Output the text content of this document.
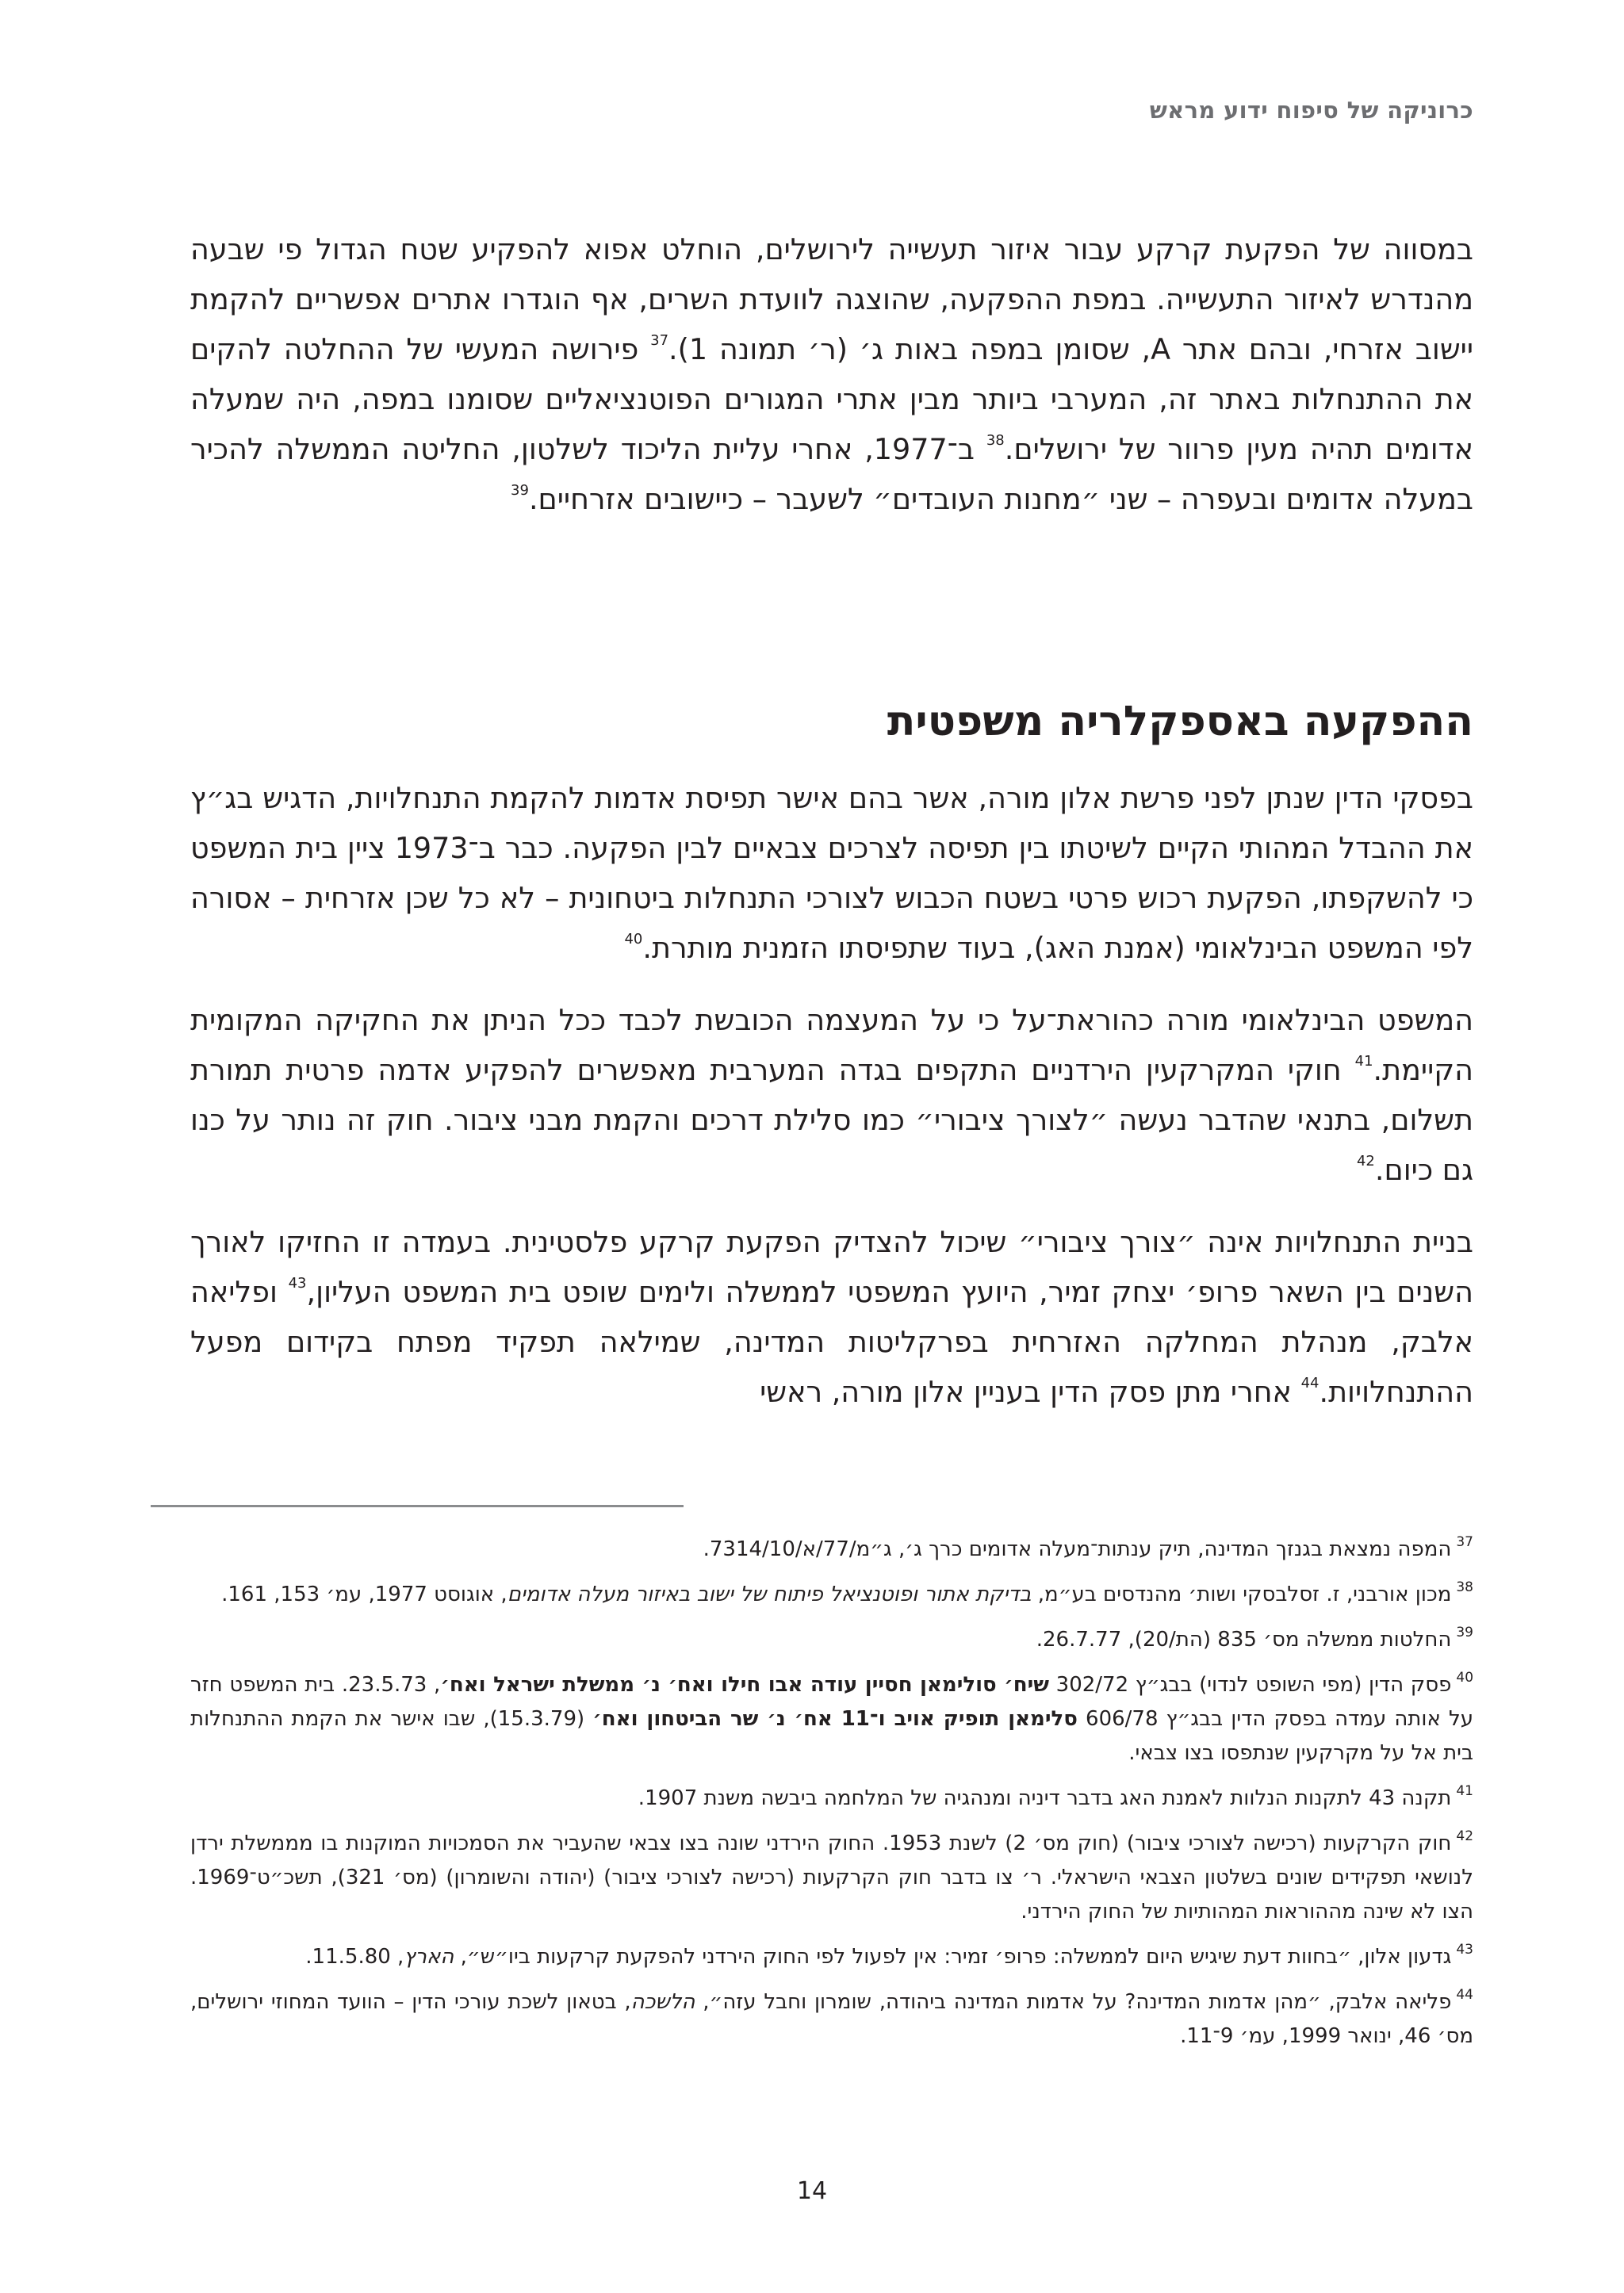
כרוניקה של סיפוח ידוע מראש

במסווה של הפקעת קרקע עבור איזור תעשייה לירושלים, הוחלט אפוא להפקיע שטח הגדול פי שבעה מהנדרש לאיזור התעשייה. במפת ההפקעה, שהוצגה לוועדת השרים, אף הוגדרו אתרים אפשריים להקמת יישוב אזרחי, ובהם אתר A, שסומן במפה באות ג׳ (ר׳ תמונה 1).$^{37}$ פירושה המעשי של ההחלטה להקים את ההתנחלות באתר זה, המערבי ביותר מבין אתרי המגורים הפוטנציאליים שסומנו במפה, היה שמעלה אדומים תהיה מעין פרוור של ירושלים.$^{38}$ ב־1977, אחרי עליית הליכוד לשלטון, החליטה הממשלה להכיר במעלה אדומים ובעפרה – שני ״מחנות העובדים״ לשעבר – כיישובים אזרחיים.$^{39}$

ההפקעה באספקלריה משפטית

בפסקי הדין שנתן לפני פרשת אלון מורה, אשר בהם אישר תפיסת אדמות להקמת התנחלויות, הדגיש בג״ץ את ההבדל המהותי הקיים לשיטתו בין תפיסה לצרכים צבאיים לבין הפקעה. כבר ב־1973 ציין בית המשפט כי להשקפתו, הפקעת רכוש פרטי בשטח הכבוש לצורכי התנחלות ביטחונית – לא כל שכן אזרחית – אסורה לפי המשפט הבינלאומי (אמנת האג), בעוד שתפיסתו הזמנית מותרת.$^{40}$

המשפט הבינלאומי מורה כהוראת־על כי על המעצמה הכובשת לכבד ככל הניתן את החקיקה המקומית הקיימת.$^{41}$ חוקי המקרקעין הירדניים התקפים בגדה המערבית מאפשרים להפקיע אדמה פרטית תמורת תשלום, בתנאי שהדבר נעשה ״לצורך ציבורי״ כמו סלילת דרכים והקמת מבני ציבור. חוק זה נותר על כנו גם כיום.$^{42}$

בניית התנחלויות אינה ״צורך ציבורי״ שיכול להצדיק הפקעת קרקע פלסטינית. בעמדה זו החזיקו לאורך השנים בין השאר פרופ׳ יצחק זמיר, היועץ המשפטי לממשלה ולימים שופט בית המשפט העליון,$^{43}$ ופליאה אלבק, מנהלת המחלקה האזרחית בפרקליטות המדינה, שמילאה תפקיד מפתח בקידום מפעל ההתנחלויות.$^{44}$ אחרי מתן פסק הדין בעניין אלון מורה, ראשי

$^{37}$המפה נמצאת בגנזך המדינה, תיק ענתות־מעלה אדומים כרך ג׳, ג״מ/77/א/7314/10.

$^{38}$מכון אורבני, ז. זסלבסקי ושות׳ מהנדסים בע״מ, בדיקת אתור ופוטנציאל פיתוח של ישוב באיזור מעלה אדומים, אוגוסט 1977, עמ׳ 153, 161.

$^{39}$החלטות ממשלה מס׳ 835 (הת/20), 26.7.77.

$^{40}$פסק הדין (מפי השופט לנדוי) בבג״ץ 302/72 שיח׳ סולימאן חסיין עודה אבו חילו ואח׳ נ׳ ממשלת ישראל ואח׳, 23.5.73. בית המשפט חזר על אותה עמדה בפסק הדין בבג״ץ 606/78 סלימאן תופיק אויב ו־11 אח׳ נ׳ שר הביטחון ואח׳ (15.3.79), שבו אישר את הקמת ההתנחלות בית אל על מקרקעין שנתפסו בצו צבאי.

$^{41}$תקנה 43 לתקנות הנלוות לאמנת האג בדבר דיניה ומנהגיה של המלחמה ביבשה משנת 1907.

$^{42}$חוק הקרקעות (רכישה לצורכי ציבור) (חוק מס׳ 2) לשנת 1953. החוק הירדני שונה בצו צבאי שהעביר את הסמכויות המוקנות בו מממשלת ירדן לנושאי תפקידים שונים בשלטון הצבאי הישראלי. ר׳ צו בדבר חוק הקרקעות (רכישה לצורכי ציבור) (יהודה והשומרון) (מס׳ 321), תשכ״ט־1969. הצו לא שינה מההוראות המהותיות של החוק הירדני.

$^{43}$גדעון אלון, ״בחוות דעת שיגיש היום לממשלה: פרופ׳ זמיר: אין לפעול לפי החוק הירדני להפקעת קרקעות ביו״ש״, הארץ, 11.5.80.

$^{44}$פליאה אלבק, ״מהן אדמות המדינה? על אדמות המדינה ביהודה, שומרון וחבל עזה״, הלשכה, בטאון לשכת עורכי הדין – הוועד המחוזי ירושלים, מס׳ 46, ינואר 1999, עמ׳ 9־11.

14
